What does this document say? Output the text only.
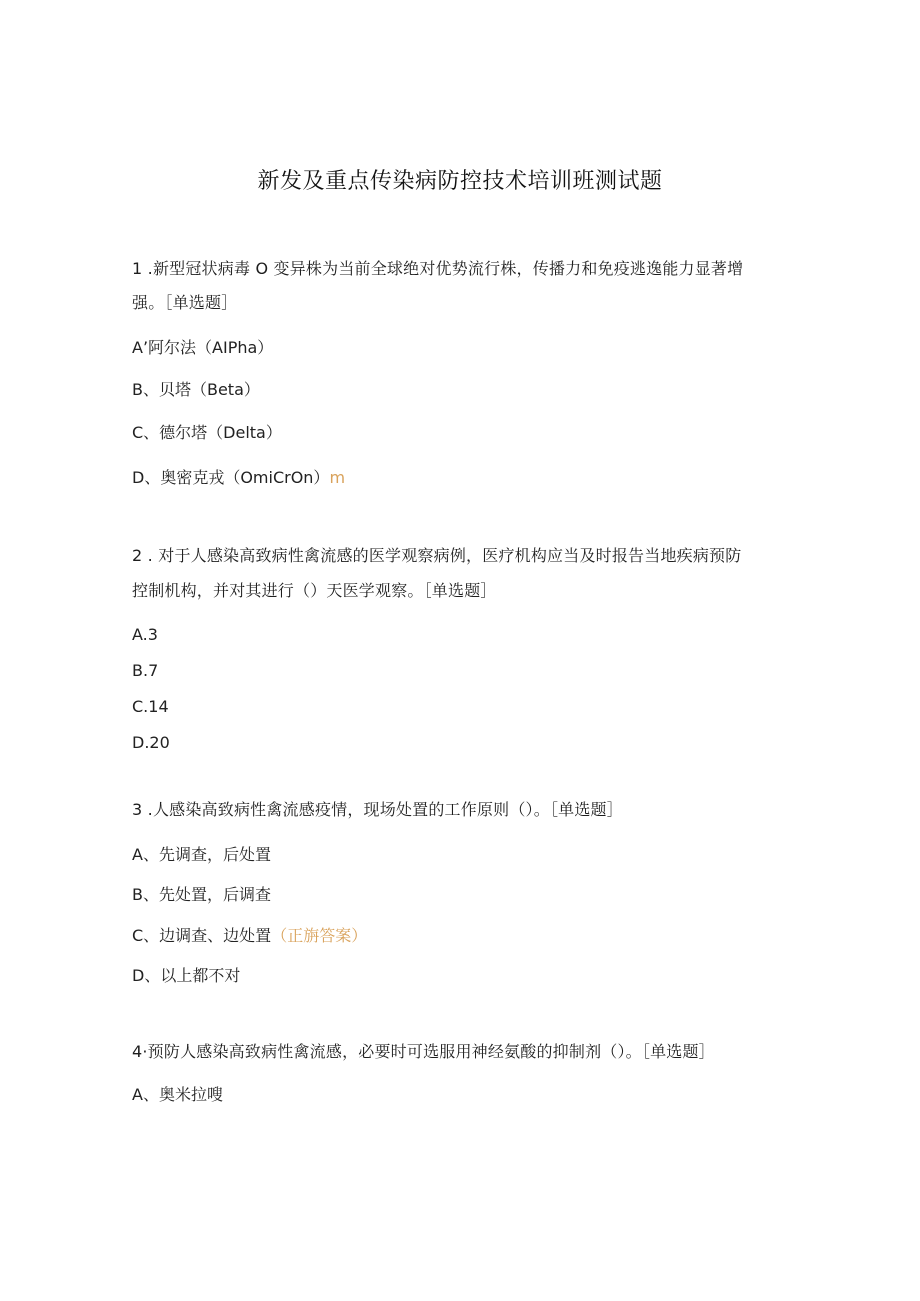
新发及重点传染病防控技术培训班测试题
1 .新型冠状病毒 O 变异株为当前全球绝对优势流行株，传播力和免疫逃逸能力显著增
强。［单选题］
A’阿尔法（AIPha）
B、贝塔（Beta）
C、德尔塔（Delta）
D、奥密克戎（OmiCrOn）m
2 . 对于人感染高致病性禽流感的医学观察病例，医疗机构应当及时报告当地疾病预防
控制机构，并对其进行（）天医学观察。［单选题］
A.3
B.7
C.14
D.20
3 .人感染高致病性禽流感疫情，现场处置的工作原则（）。［单选题］
A、先调查，后处置
B、先处置，后调查
C、边调查、边处置（正旃答案）
D、以上都不对
4·预防人感染高致病性禽流感，必要时可选服用神经氨酸的抑制剂（）。［单选题］
A、奥米拉嗖
